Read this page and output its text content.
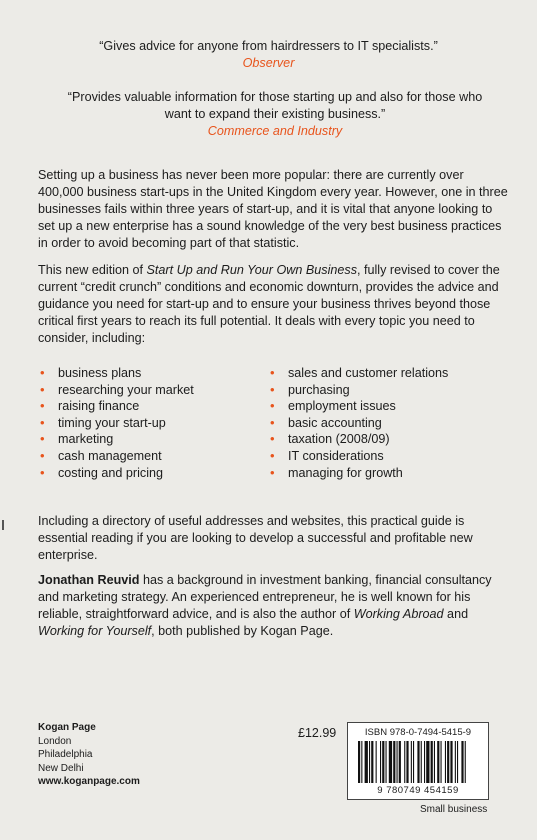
“Gives advice for anyone from hairdressers to IT specialists.”
Observer
“Provides valuable information for those starting up and also for those who want to expand their existing business.”
Commerce and Industry

Setting up a business has never been more popular: there are currently over 400,000 business start-ups in the United Kingdom every year. However, one in three businesses fails within three years of start-up, and it is vital that anyone looking to set up a new enterprise has a sound knowledge of the very best business practices in order to avoid becoming part of that statistic.

This new edition of Start Up and Run Your Own Business, fully revised to cover the current “credit crunch” conditions and economic downturn, provides the advice and guidance you need for start-up and to ensure your business thrives beyond those critical first years to reach its full potential. It deals with every topic you need to consider, including:

• business plans
• researching your market
• raising finance
• timing your start-up
• marketing
• cash management
• costing and pricing
• sales and customer relations
• purchasing
• employment issues
• basic accounting
• taxation (2008/09)
• IT considerations
• managing for growth

Including a directory of useful addresses and websites, this practical guide is essential reading if you are looking to develop a successful and profitable new enterprise.

Jonathan Reuvid has a background in investment banking, financial consultancy and marketing strategy. An experienced entrepreneur, he is well known for his reliable, straightforward advice, and is also the author of Working Abroad and Working for Yourself, both published by Kogan Page.

Kogan Page
London
Philadelphia
New Delhi
www.koganpage.com
£12.99	ISBN 978-0-7494-5415-9
9 780749 454159
Small business
